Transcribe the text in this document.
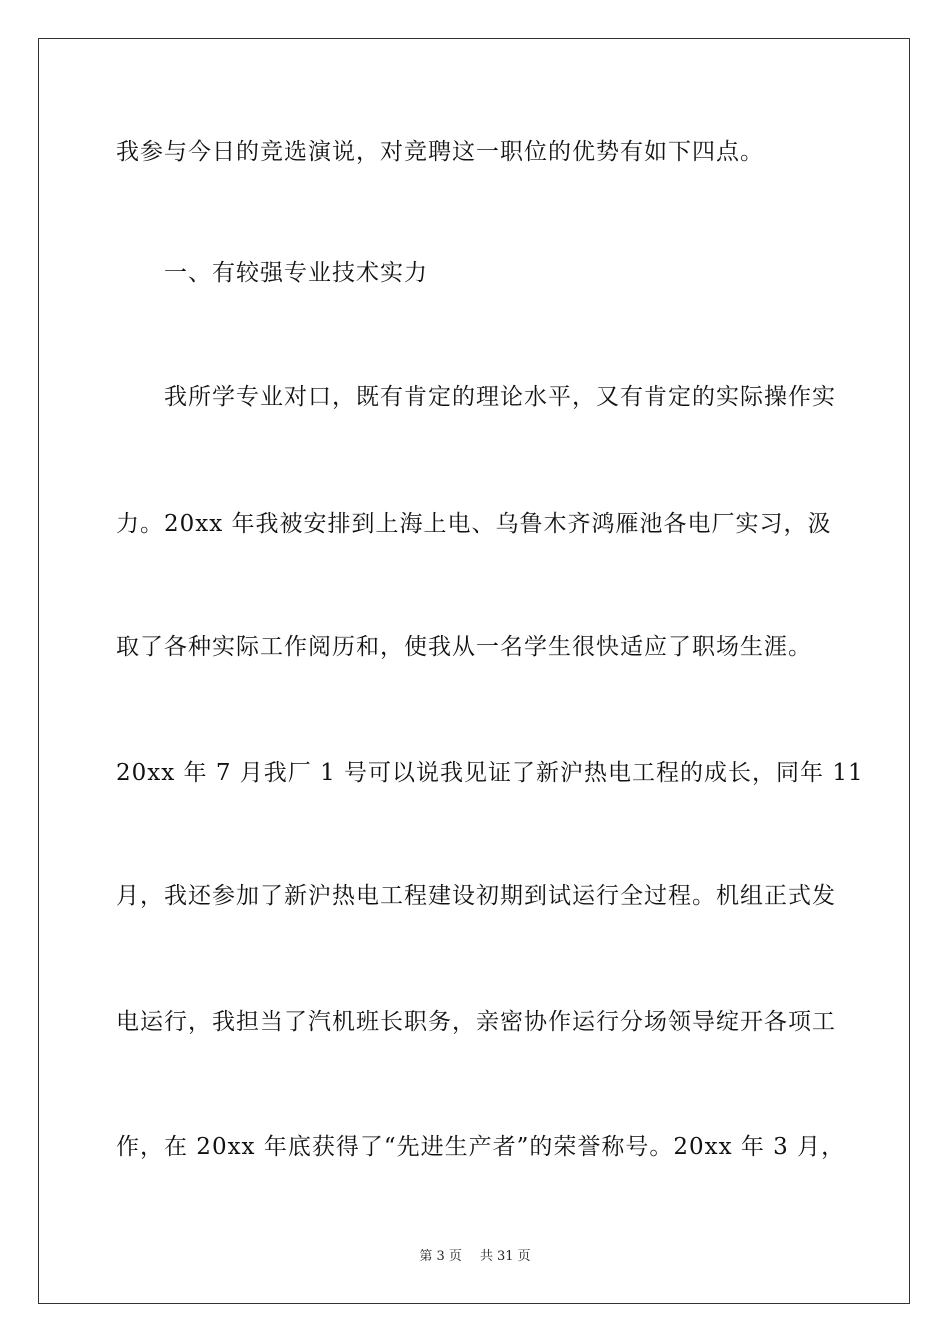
我参与今日的竞选演说，对竞聘这一职位的优势有如下四点。
一、有较强专业技术实力
我所学专业对口，既有肯定的理论水平，又有肯定的实际操作实
力。20xx 年我被安排到上海上电、乌鲁木齐鸿雁池各电厂实习，汲
取了各种实际工作阅历和，使我从一名学生很快适应了职场生涯。
20xx 年 7 月我厂 1 号可以说我见证了新沪热电工程的成长，同年 11
月，我还参加了新沪热电工程建设初期到试运行全过程。机组正式发
电运行，我担当了汽机班长职务，亲密协作运行分场领导绽开各项工
作，在 20xx 年底获得了“先进生产者”的荣誉称号。20xx 年 3 月，
第 3 页 共 31 页
